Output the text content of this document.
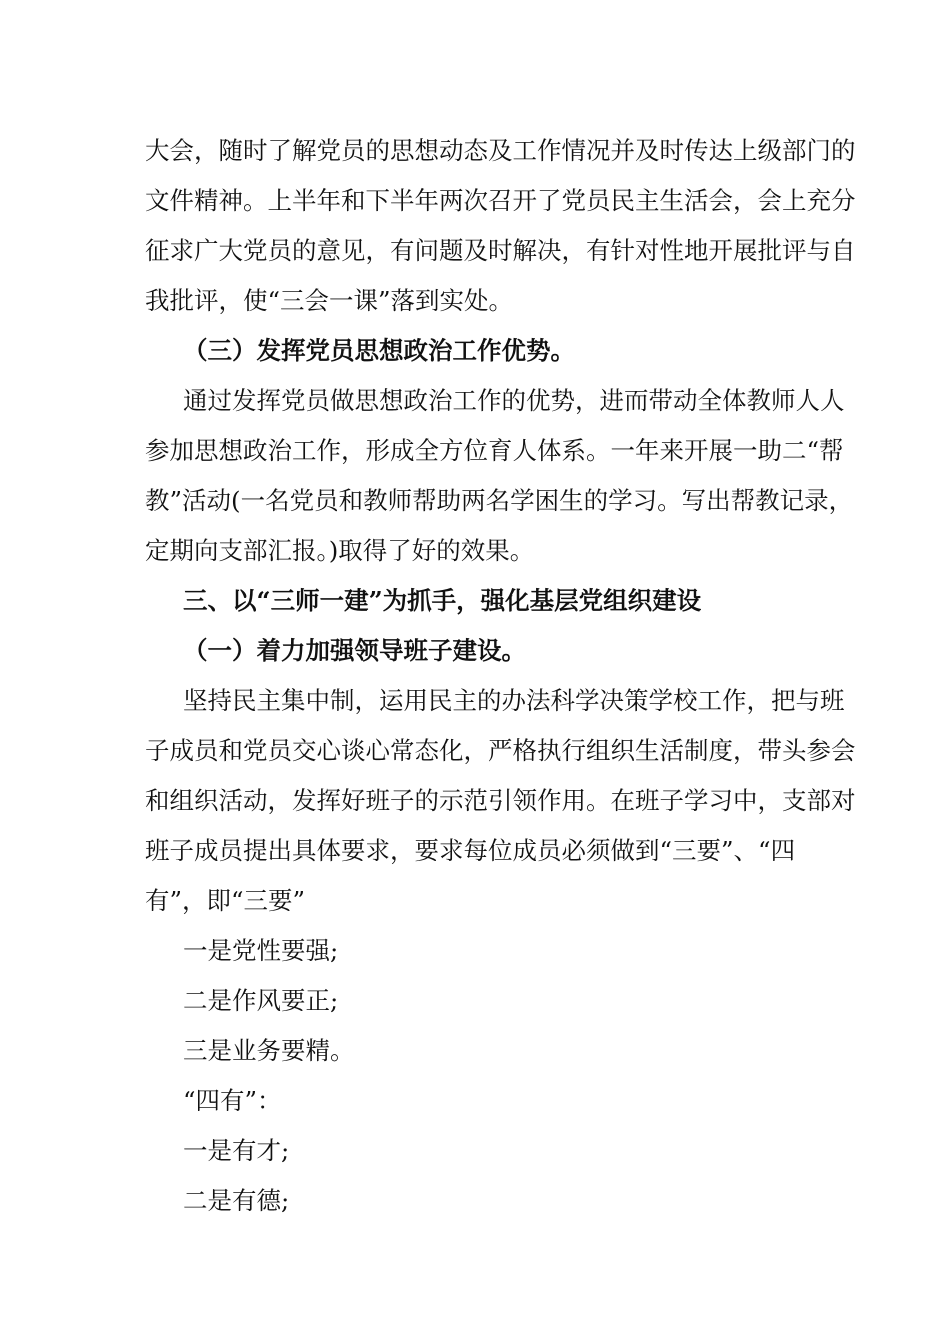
大会，随时了解党员的思想动态及工作情况并及时传达上级部门的
文件精神。上半年和下半年两次召开了党员民主生活会，会上充分
征求广大党员的意见，有问题及时解决，有针对性地开展批评与自
我批评，使“三会一课”落到实处。
（三）发挥党员思想政治工作优势。
通过发挥党员做思想政治工作的优势，进而带动全体教师人人
参加思想政治工作，形成全方位育人体系。一年来开展一助二“帮
教”活动(一名党员和教师帮助两名学困生的学习。写出帮教记录，
定期向支部汇报。)取得了好的效果。
三、以“三师一建”为抓手，强化基层党组织建设
（一）着力加强领导班子建设。
坚持民主集中制，运用民主的办法科学决策学校工作，把与班
子成员和党员交心谈心常态化，严格执行组织生活制度，带头参会
和组织活动，发挥好班子的示范引领作用。在班子学习中，支部对
班子成员提出具体要求，要求每位成员必须做到“三要”、“四
有”，即“三要”
一是党性要强;
二是作风要正;
三是业务要精。
“四有”：
一是有才;
二是有德;
